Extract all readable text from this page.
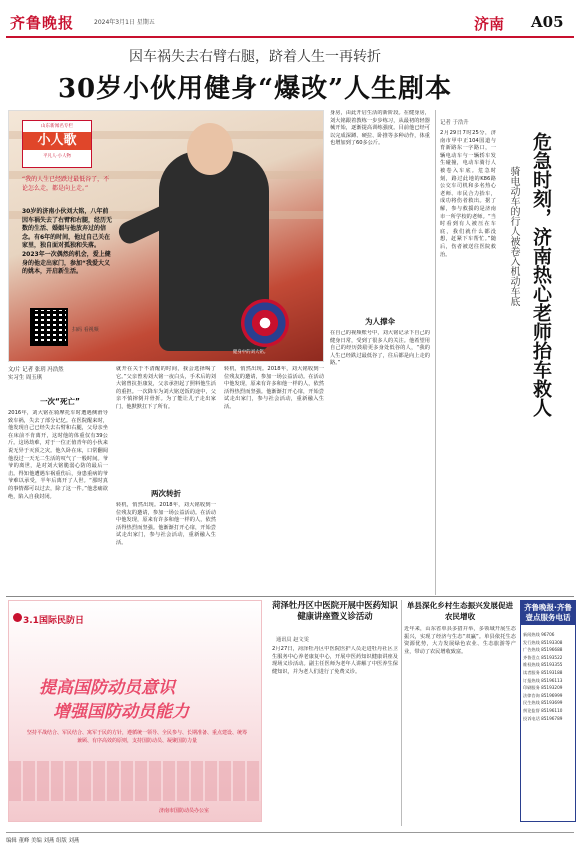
齐鲁晚报	2024年3月1日 星期五	济南 A05
因车祸失去右臂右腿，跻着人生一再转折
30岁小伙用健身“爆改”人生剧本
健身中的刘大铭。
山东新闻名专栏
小人歌
平凡人·小人物
“我的人生已经跌过最低谷了，不论怎么走，都是向上走。”
30岁的济南小伙刘大铭，八年前因车祸失去了右臂和右腿，经历无数的生活、婚姻与他放弃过的信念。有6年的时间，他过自己关在家里，独自面对孤独和失落。2023年一次偶然的机会，爱上健身的他走出家门，参加“我爱大义的姚本，开启新生活。
扫码 看视频
文/片 记者 张玥 冯浩然
实习生 周玉琪
一次“死亡”
2016年，刘大铭在骑摩托车时遭遇侧滑导致车祸，失去了部分记忆。在医院醒来时，他发现自己已经失去右臂和右腿，父母亲坐在床前不肯离开，这时他的体重仅有39公斤。这场劫难，对于一位正值青年的小伙来说无异于灭顶之灾。他久卧在床，口常翻阅他没过一天无二生活的叹气了一般时间。爷爷的离世，是对刘大铭脆弱心防的最后一击。得知他遭遇车祸重伤后，身患重病的爷爷难以承受，半年后离开了人世。“那时真的事情都可以过去，除了这一件。”他悲痛欲绝，陷入自我封闭。
就开在关于不清醒的时间，我会选择喝了它。”父亲曾劝刘大铭一夜白头，手术后的刘大铭曾抗拒康复，父亲承担起了照料他生活的重担。一次降车为刘大铭送饭的途中，父亲不慎摔倒并骨折。为了能让儿子走出家门，他默默扛下了所有。
两次转折
转机，悄然出现。2018年，刘大铭收到一位残友的邀请，参加一场公益活动。在活动中他发现，原来有许多和他一样的人，依然活得热烈而坚强。他渐渐打开心扉，开始尝试走出家门，参与社会活动，重新融入生活。
转机，悄然出现。2018年，刘大铭收到一位残友的邀请，参加一场公益活动。在活动中他发现，原来有许多和他一样的人，依然活得热烈而坚强。他渐渐打开心扉，开始尝试走出家门，参与社会活动，重新融入生活。
身房，由此开启生活的新阶段。在健身房，刘大铭跟着教练一步步练习，从最初的轻器械开始，逐渐提高训练强度。目前他已经可以完成深蹲、硬拉、卧推等多种动作，体重也增加到了60多公斤。
为人撑伞
在自己的视频账号中，刘大铭记录下自己的健身日常，受到了很多人的关注。他希望用自己的经历鼓励更多身处低谷的人，“我的人生已经跌过最低谷了，往后都是向上走的路。”
记者 于浩升
危急时刻，济南热心老师抬车救人
骑电动车的行人被卷入机动车底
2月29日7时25分，济南市甲中正104国道与育新路东一字路口，一辆电动车与一辆轿车发生碰撞，电动车骑行人被卷入车底。危急时刻，路过此地的K86路公交车司机和多名热心老师、市民合力抬车，成功将伤者救出。据了解，参与救援的是济南市一所学校的老师。“当时看到有人被压在车底，我们就什么都没想，赶紧下车帮忙。”随后，伤者被送往医院救治。
3.1国际民防日
提高国防动员意识
增强国防动员能力
坚持平战结合、军民结合、寓军于民的方针，遵循统一领导、全民参与、长期准备、重点建设、统筹兼顾、有序高效的原则，支持国防动员、凝聚国防力量
济南市国防动员办公室
菏泽牡丹区中医院开展中医药知识健康讲座暨义诊活动
通讯员 赵文雯
2月27日，菏泽牡丹区中医院医护人员走进牡丹社区卫生服务中心养老康复中心，开展中医药知识健康讲座及现场义诊活动。副主任医师为老年人讲解了中医养生保健知识，并为老人们进行了免费义诊。
单县深化乡村生态振兴发展促进农民增收
近年来，山东省单县多措并举，多领域开展生态振兴，实现了经济与生态“双赢”。单县依托生态资源优势，大力发展绿色农业、生态旅游等产业，带动了农民增收致富。
齐鲁晚报·齐鲁壹点服务电话
新闻热线 96706
发行热线 85193308
广告热线 85196688
齐鲁壹点 85193522
维权热线 85193355
读者服务 85193188
订报热线 85196113
印刷服务 85193209
法律咨询 85196999
民生热线 85193699
舆论监督 85196110
投诉电话 85196789
编辑 董峰 美编 刘燕 组版 刘燕
